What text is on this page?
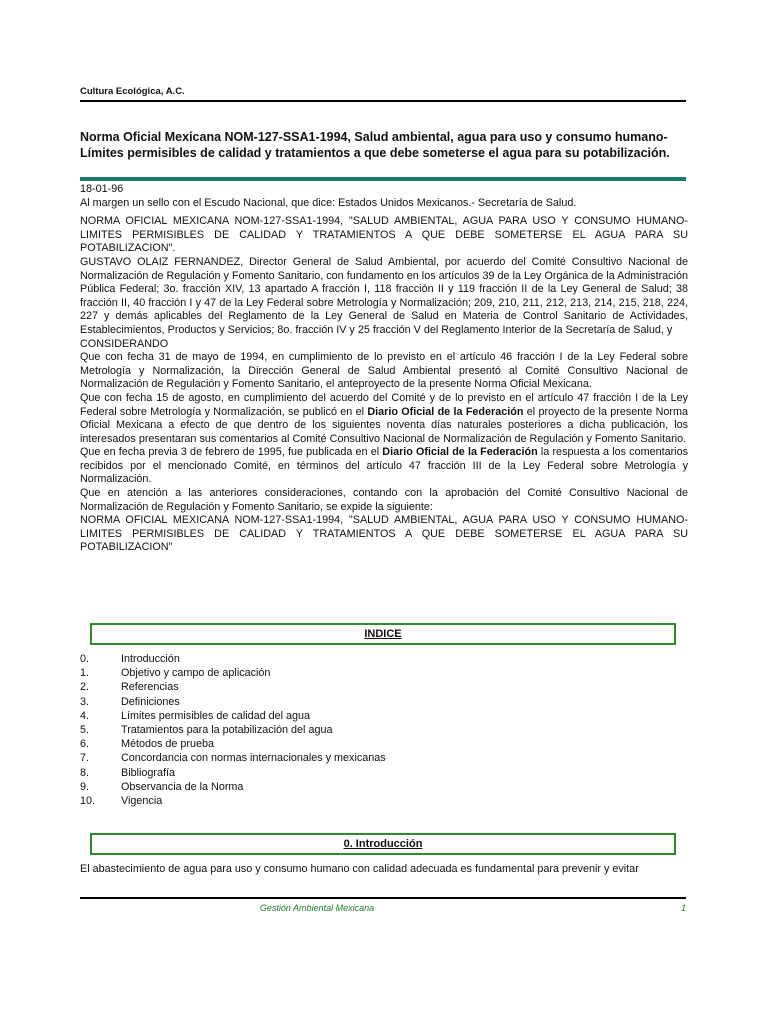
Cultura Ecológica, A.C.
Norma Oficial Mexicana NOM-127-SSA1-1994, Salud ambiental, agua para uso y consumo humano-Límites permisibles de calidad y tratamientos a que debe someterse el agua para su potabilización.

18-01-96

Al margen un sello con el Escudo Nacional, que dice: Estados Unidos Mexicanos.- Secretaría de Salud.

NORMA OFICIAL MEXICANA NOM-127-SSA1-1994, "SALUD AMBIENTAL, AGUA PARA USO Y CONSUMO HUMANO-LIMITES PERMISIBLES DE CALIDAD Y TRATAMIENTOS A QUE DEBE SOMETERSE EL AGUA PARA SU POTABILIZACION".

GUSTAVO OLAIZ FERNANDEZ, Director General de Salud Ambiental, por acuerdo del Comité Consultivo Nacional de Normalización de Regulación y Fomento Sanitario, con fundamento en los artículos 39 de la Ley Orgánica de la Administración Pública Federal; 3o. fracción XIV, 13 apartado A fracción I, 118 fracción II y 119 fracción II de la Ley General de Salud; 38 fracción II, 40 fracción I y 47 de la Ley Federal sobre Metrología y Normalización; 209, 210, 211, 212, 213, 214, 215, 218, 224, 227 y demás aplicables del Reglamento de la Ley General de Salud en Materia de Control Sanitario de Actividades, Establecimientos, Productos y Servicios; 8o. fracción IV y 25 fracción V del Reglamento Interior de la Secretaría de Salud, y

CONSIDERANDO

Que con fecha 31 de mayo de 1994, en cumplimiento de lo previsto en el artículo 46 fracción I de la Ley Federal sobre Metrología y Normalización, la Dirección General de Salud Ambiental presentó al Comité Consultivo Nacional de Normalización de Regulación y Fomento Sanitario, el anteproyecto de la presente Norma Oficial Mexicana.

Que con fecha 15 de agosto, en cumplimiento del acuerdo del Comité y de lo previsto en el artículo 47 fracción I de la Ley Federal sobre Metrología y Normalización, se publicó en el Diario Oficial de la Federación el proyecto de la presente Norma Oficial Mexicana a efecto de que dentro de los siguientes noventa días naturales posteriores a dicha publicación, los interesados presentaran sus comentarios al Comité Consultivo Nacional de Normalización de Regulación y Fomento Sanitario.

Que en fecha previa 3 de febrero de 1995, fue publicada en el Diario Oficial de la Federación la respuesta a los comentarios recibidos por el mencionado Comité, en términos del artículo 47 fracción III de la Ley Federal sobre Metrología y Normalización.

Que en atención a las anteriores consideraciones, contando con la aprobación del Comité Consultivo Nacional de Normalización de Regulación y Fomento Sanitario, se expide la siguiente:

NORMA OFICIAL MEXICANA NOM-127-SSA1-1994, "SALUD AMBIENTAL, AGUA PARA USO Y CONSUMO HUMANO-LIMITES PERMISIBLES DE CALIDAD Y TRATAMIENTOS A QUE DEBE SOMETERSE EL AGUA PARA SU POTABILIZACION"

INDICE
0.	Introducción
1.	Objetivo y campo de aplicación
2.	Referencias
3.	Definiciones
4.	Límites permisibles de calidad del agua
5.	Tratamientos para la potabilización del agua
6.	Métodos de prueba
7.	Concordancia con normas internacionales y mexicanas
8.	Bibliografía
9.	Observancia de la Norma
10.	Vigencia
0. Introducción
El abastecimiento de agua para uso y consumo humano con calidad adecuada es fundamental para prevenir y evitar
Gestión Ambiental Mexicana	1
